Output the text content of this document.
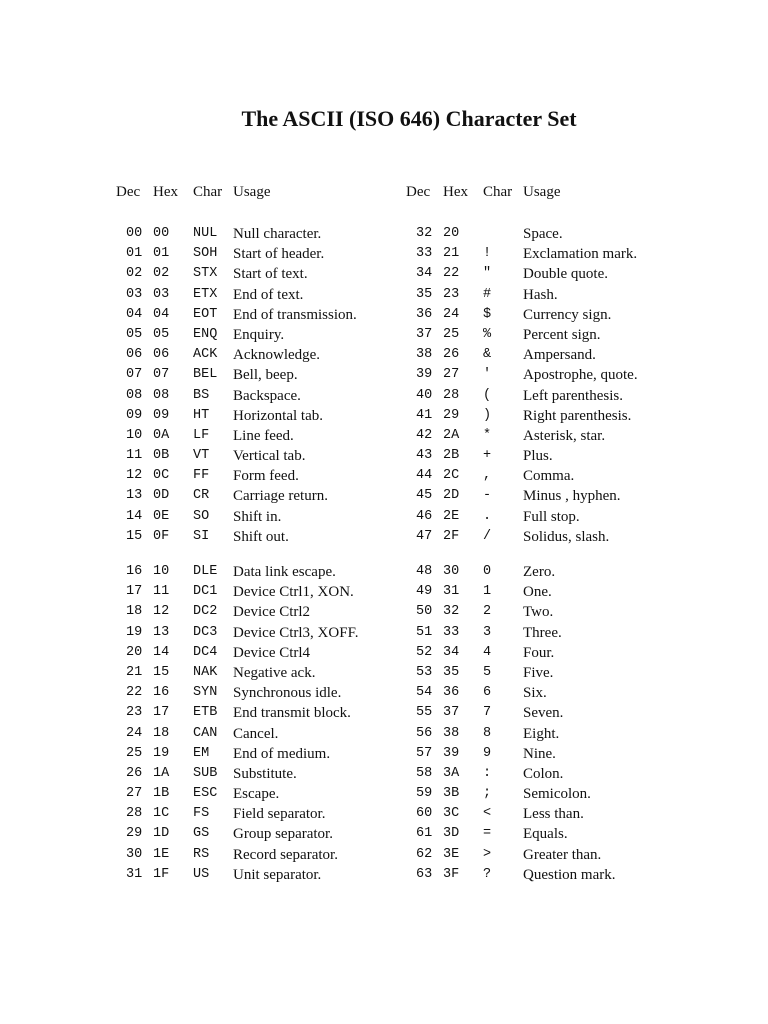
The ASCII (ISO 646) Character Set
Dec Hex Char Usage	Dec Hex Char Usage
00 00 NUL Null character.
01 01 SOH Start of header.
02 02 STX Start of text.
03 03 ETX End of text.
04 04 EOT End of transmission.
05 05 ENQ Enquiry.
06 06 ACK Acknowledge.
07 07 BEL Bell, beep.
08 08 BS Backspace.
09 09 HT Horizontal tab.
10 0A LF Line feed.
11 0B VT Vertical tab.
12 0C FF Form feed.
13 0D CR Carriage return.
14 0E SO Shift in.
15 0F SI Shift out.
16 10 DLE Data link escape.
17 11 DC1 Device Ctrl1, XON.
18 12 DC2 Device Ctrl2
19 13 DC3 Device Ctrl3, XOFF.
20 14 DC4 Device Ctrl4
21 15 NAK Negative ack.
22 16 SYN Synchronous idle.
23 17 ETB End transmit block.
24 18 CAN Cancel.
25 19 EM End of medium.
26 1A SUB Substitute.
27 1B ESC Escape.
28 1C FS Field separator.
29 1D GS Group separator.
30 1E RS Record separator.
31 1F US Unit separator.
32 20	Space.
33 21 ! Exclamation mark.
34 22 " Double quote.
35 23 # Hash.
36 24 $ Currency sign.
37 25 % Percent sign.
38 26 & Ampersand.
39 27 ' Apostrophe, quote.
40 28 ( Left parenthesis.
41 29 ) Right parenthesis.
42 2A * Asterisk, star.
43 2B + Plus.
44 2C , Comma.
45 2D - Minus , hyphen.
46 2E . Full stop.
47 2F / Solidus, slash.
48 30 0 Zero.
49 31 1 One.
50 32 2 Two.
51 33 3 Three.
52 34 4 Four.
53 35 5 Five.
54 36 6 Six.
55 37 7 Seven.
56 38 8 Eight.
57 39 9 Nine.
58 3A : Colon.
59 3B ; Semicolon.
60 3C < Less than.
61 3D = Equals.
62 3E > Greater than.
63 3F ? Question mark.
